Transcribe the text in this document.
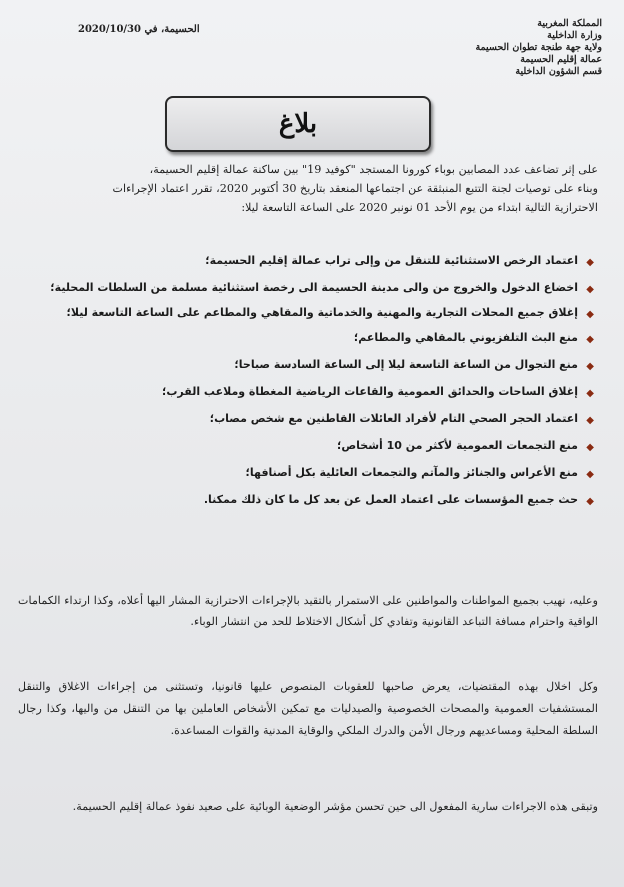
المملكة المغربية
وزارة الداخلية
ولاية جهة طنجة تطوان الحسيمة
عمالة إقليم الحسيمة
قسم الشؤون الداخلية
الحسيمة، في 2020/10/30
بلاغ
على إثر تضاعف عدد المصابين بوباء كورونا المستجد "كوفيد 19" بين ساكنة عمالة إقليم الحسيمة،
وبناء على توصيات لجنة التتبع المنبثقة عن اجتماعها المنعقد بتاريخ 30 أكتوبر 2020، تقرر اعتماد الإجراءات
الاحترازية التالية ابتداء من يوم الأحد 01 نونبر 2020 على الساعة التاسعة ليلا:
◆
اعتماد الرخص الاستثنائية للتنقل من وإلى تراب عمالة إقليم الحسيمة؛
◆
اخضاع الدخول والخروج من والى مدينة الحسيمة الى رخصة استثنائية مسلمة من السلطات المحلية؛
◆
إغلاق جميع المحلات التجارية والمهنية والخدماتية والمقاهي والمطاعم على الساعة التاسعة ليلا؛
◆
منع البث التلفزيوني بالمقاهي والمطاعم؛
◆
منع التجوال من الساعة التاسعة ليلا إلى الساعة السادسة صباحا؛
◆
إغلاق الساحات والحدائق العمومية والقاعات الرياضية المغطاة وملاعب القرب؛
◆
اعتماد الحجر الصحي التام لأفراد العائلات القاطنين مع شخص مصاب؛
◆
منع التجمعات العمومية لأكثر من 10 أشخاص؛
◆
منع الأعراس والجنائز والمآتم والتجمعات العائلية بكل أصنافها؛
◆
حث جميع المؤسسات على اعتماد العمل عن بعد كل ما كان ذلك ممكنا.
وعليه، نهيب بجميع المواطنات والمواطنين على الاستمرار بالتقيد بالإجراءات الاحترازية المشار اليها أعلاه، وكذا ارتداء الكمامات الواقية واحترام مسافة التباعد القانونية وتفادي كل أشكال الاختلاط للحد من انتشار الوباء.
وكل اخلال بهذه المقتضيات، يعرض صاحبها للعقوبات المنصوص عليها قانونيا، وتستثنى من إجراءات الاغلاق والتنقل المستشفيات العمومية والمصحات الخصوصية والصيدليات مع تمكين الأشخاص العاملين بها من التنقل من واليها، وكذا رجال السلطة المحلية ومساعديهم ورجال الأمن والدرك الملكي والوقاية المدنية والقوات المساعدة.
وتبقى هذه الاجراءات سارية المفعول الى حين تحسن مؤشر الوضعية الوبائية على صعيد نفوذ عمالة إقليم الحسيمة.
